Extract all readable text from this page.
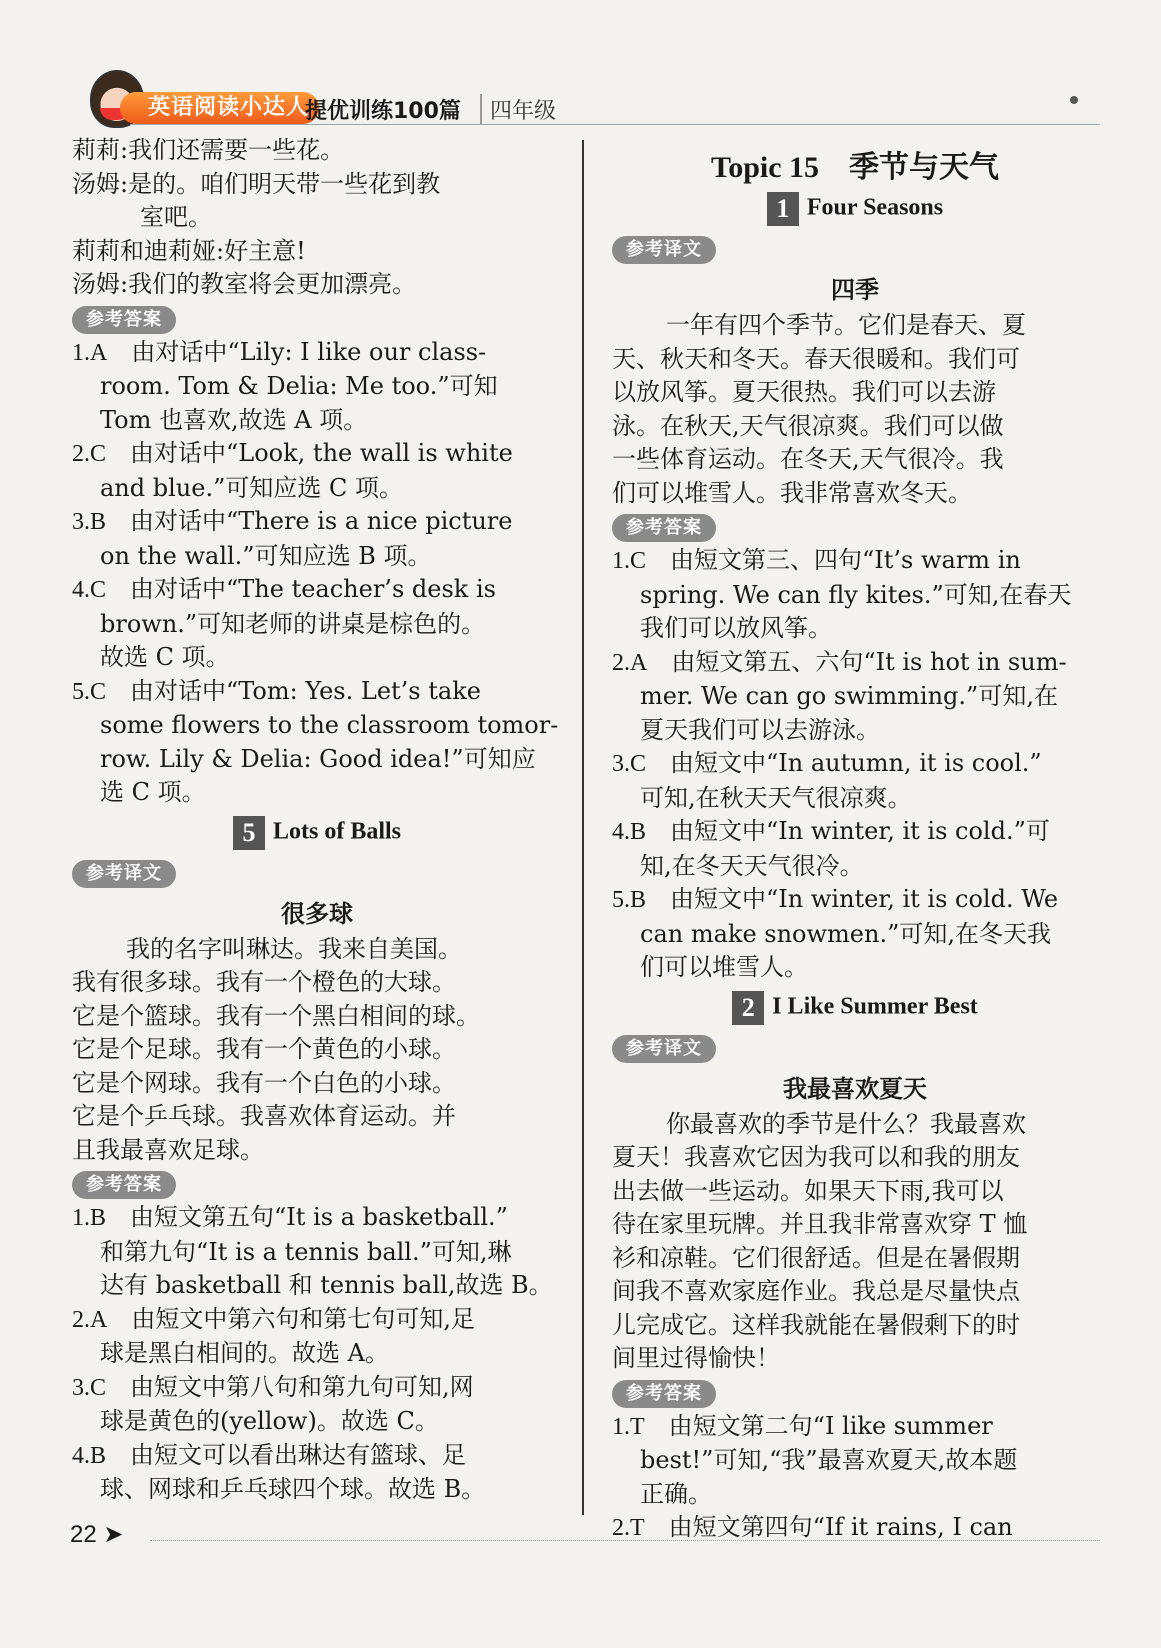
英语阅读小达人
提优训练100篇	四年级
莉莉:我们还需要一些花。
汤姆:是的。咱们明天带一些花到教
室吧。
莉莉和迪莉娅:好主意!
汤姆:我们的教室将会更加漂亮。
参考答案
1.A　 由对话中“Lily: I like our class-
room. Tom & Delia: Me too.”可知
Tom 也喜欢,故选 A 项。
2.C　 由对话中“Look, the wall is white
and blue.”可知应选 C 项。
3.B　 由对话中“There is a nice picture
on the wall.”可知应选 B 项。
4.C　 由对话中“The teacher’s desk is
brown.”可知老师的讲桌是棕色的。
故选 C 项。
5.C　 由对话中“Tom: Yes. Let’s take
some flowers to the classroom tomor-
row. Lily & Delia: Good idea!”可知应
选 C 项。
5 Lots of Balls
参考译文
很多球
我的名字叫琳达。我来自美国。
我有很多球。我有一个橙色的大球。
它是个篮球。我有一个黑白相间的球。
它是个足球。我有一个黄色的小球。
它是个网球。我有一个白色的小球。
它是个乒乓球。我喜欢体育运动。并
且我最喜欢足球。
参考答案
1.B　 由短文第五句“It is a basketball.”
和第九句“It is a tennis ball.”可知,琳
达有 basketball 和 tennis ball,故选 B。
2.A　 由短文中第六句和第七句可知,足
球是黑白相间的。故选 A。
3.C　 由短文中第八句和第九句可知,网
球是黄色的(yellow)。故选 C。
4.B　 由短文可以看出琳达有篮球、足
球、网球和乒乓球四个球。故选 B。
Topic 15　季节与天气
1 Four Seasons
参考译文
四季
一年有四个季节。它们是春天、夏
天、秋天和冬天。春天很暖和。我们可
以放风筝。夏天很热。我们可以去游
泳。在秋天,天气很凉爽。我们可以做
一些体育运动。在冬天,天气很冷。我
们可以堆雪人。我非常喜欢冬天。
参考答案
1.C　 由短文第三、四句“It’s warm in
spring. We can fly kites.”可知,在春天
我们可以放风筝。
2.A　 由短文第五、六句“It is hot in sum-
mer. We can go swimming.”可知,在
夏天我们可以去游泳。
3.C　 由短文中“In autumn, it is cool.”
可知,在秋天天气很凉爽。
4.B　 由短文中“In winter, it is cold.”可
知,在冬天天气很冷。
5.B　 由短文中“In winter, it is cold. We
can make snowmen.”可知,在冬天我
们可以堆雪人。
2 I Like Summer Best
参考译文
我最喜欢夏天
你最喜欢的季节是什么？我最喜欢
夏天！我喜欢它因为我可以和我的朋友
出去做一些运动。如果天下雨,我可以
待在家里玩牌。并且我非常喜欢穿 T 恤
衫和凉鞋。它们很舒适。但是在暑假期
间我不喜欢家庭作业。我总是尽量快点
儿完成它。这样我就能在暑假剩下的时
间里过得愉快！
参考答案
1.T　 由短文第二句“I like summer
best!”可知,“我”最喜欢夏天,故本题
正确。
2.T　 由短文第四句“If it rains, I can
22 ➤
